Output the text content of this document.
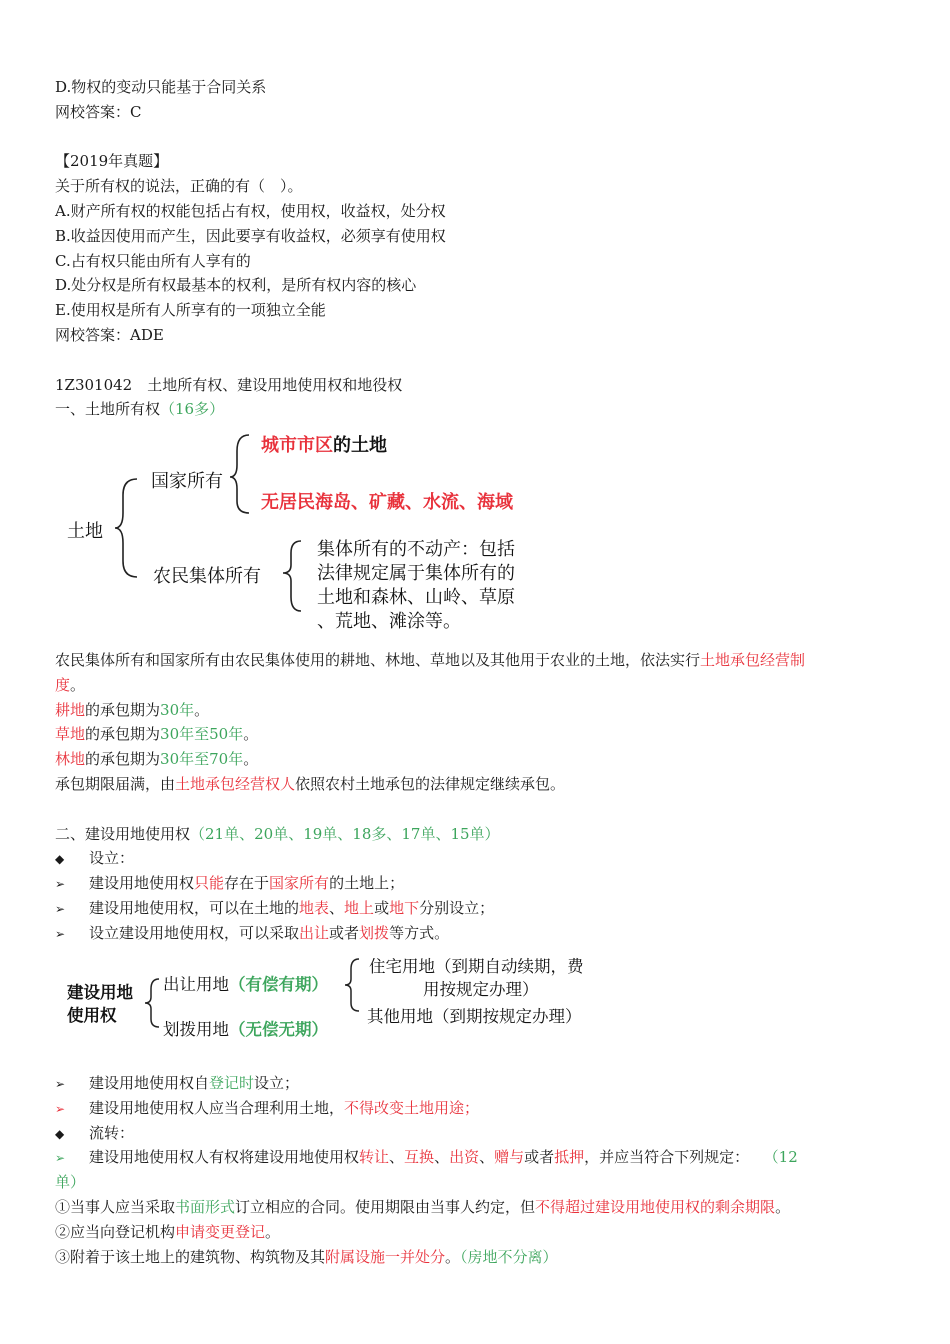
D.物权的变动只能基于合同关系
网校答案：C
【2019年真题】
关于所有权的说法，正确的有（　）。
A.财产所有权的权能包括占有权，使用权，收益权，处分权
B.收益因使用而产生，因此要享有收益权，必须享有使用权
C.占有权只能由所有人享有的
D.处分权是所有权最基本的权利，是所有权内容的核心
E.使用权是所有人所享有的一项独立全能
网校答案：ADE
1Z301042　土地所有权、建设用地使用权和地役权
一、土地所有权（16多）
土地
国家所有
城市市区的土地
无居民海岛、矿藏、水流、海域
农民集体所有
集体所有的不动产：包括
法律规定属于集体所有的
土地和森林、山岭、草原
、荒地、滩涂等。
农民集体所有和国家所有由农民集体使用的耕地、林地、草地以及其他用于农业的土地，依法实行土地承包经营制
度。
耕地的承包期为30年。
草地的承包期为30年至50年。
林地的承包期为30年至70年。
承包期限届满，由土地承包经营权人依照农村土地承包的法律规定继续承包。
二、建设用地使用权（21单、20单、19单、18多、17单、15单）
◆ 设立：
➢ 建设用地使用权只能存在于国家所有的土地上；
➢ 建设用地使用权，可以在土地的地表、地上或地下分别设立；
➢ 设立建设用地使用权，可以采取出让或者划拨等方式。
建设用地
使用权
出让用地（有偿有期）
划拨用地（无偿无期）
住宅用地（到期自动续期，费
用按规定办理）
其他用地（到期按规定办理）
➢ 建设用地使用权自登记时设立；
➢ 建设用地使用权人应当合理利用土地，不得改变土地用途；
◆ 流转：
➢ 建设用地使用权人有权将建设用地使用权转让、互换、出资、赠与或者抵押，并应当符合下列规定： （12
单）
①当事人应当采取书面形式订立相应的合同。使用期限由当事人约定，但不得超过建设用地使用权的剩余期限。
②应当向登记机构申请变更登记。
③附着于该土地上的建筑物、构筑物及其附属设施一并处分。（房地不分离）
